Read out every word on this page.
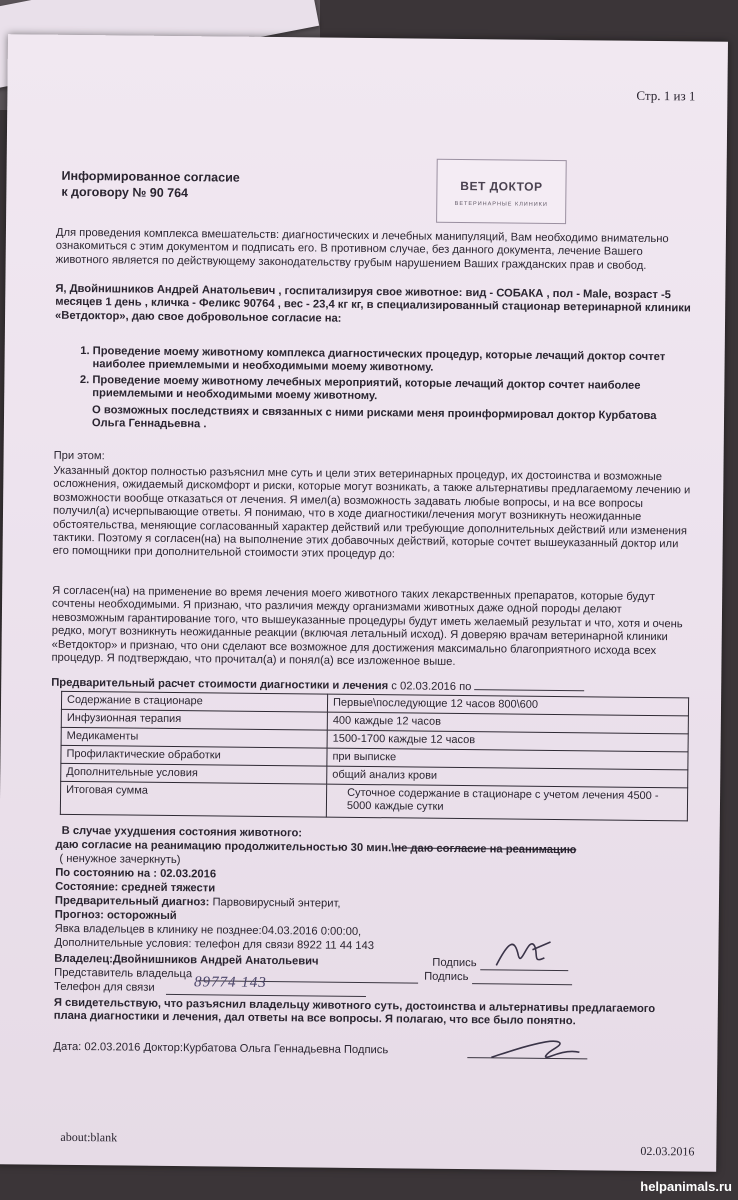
Стр. 1 из 1
Информированное согласие
к договору № 90 764	ВЕТ ДОКТОР
ВЕТЕРИНАРНЫЕ КЛИНИКИ
Для проведения комплекса вмешательств: диагностических и лечебных манипуляций, Вам необходимо внимательно ознакомиться с этим документом и подписать его. В противном случае, без данного документа, лечение Вашего животного является по действующему законодательству грубым нарушением Ваших гражданских прав и свобод.
Я, Двойнишников Андрей Анатольевич , госпитализируя свое животное: вид - СОБАКА , пол - Male, возраст -5 месяцев 1 день , кличка - Феликс 90764 , вес - 23,4 кг кг, в специализированный стационар ветеринарной клиники «Ветдоктор», даю свое добровольное согласие на:
1. Проведение моему животному комплекса диагностических процедур, которые лечащий доктор сочтет наиболее приемлемыми и необходимыми моему животному.
2. Проведение моему животному лечебных мероприятий, которые лечащий доктор сочтет наиболее приемлемыми и необходимыми моему животному.
О возможных последствиях и связанных с ними рисками меня проинформировал доктор Курбатова Ольга Геннадьевна .
При этом:
Указанный доктор полностью разъяснил мне суть и цели этих ветеринарных процедур, их достоинства и возможные осложнения, ожидаемый дискомфорт и риски, которые могут возникать, а также альтернативы предлагаемому лечению и возможности вообще отказаться от лечения. Я имел(а) возможность задавать любые вопросы, и на все вопросы получил(а) исчерпывающие ответы. Я понимаю, что в ходе диагностики/лечения могут возникнуть неожиданные обстоятельства, меняющие согласованный характер действий или требующие дополнительных действий или изменения тактики. Поэтому я согласен(на) на выполнение этих добавочных действий, которые сочтет вышеуказанный доктор или его помощники при дополнительной стоимости этих процедур до:
Я согласен(на) на применение во время лечения моего животного таких лекарственных препаратов, которые будут сочтены необходимыми. Я признаю, что различия между организмами животных даже одной породы делают невозможным гарантирование того, что вышеуказанные процедуры будут иметь желаемый результат и что, хотя и очень редко, могут возникнуть неожиданные реакции (включая летальный исход). Я доверяю врачам ветеринарной клиники «Ветдоктор» и признаю, что они сделают все возможное для достижения максимально благоприятного исхода всех процедур. Я подтверждаю, что прочитал(а) и понял(а) все изложенное выше.
Предварительный расчет стоимости диагностики и лечения с 02.03.2016 по
Содержание в стационаре	Первые\последующие 12 часов 800\600
Инфузионная терапия	400 каждые 12 часов
Медикаменты	1500-1700 каждые 12 часов
Профилактические обработки	при выписке
Дополнительные условия	общий анализ крови
Итоговая сумма	Суточное содержание в стационаре с учетом лечения 4500 - 5000 каждые сутки
В случае ухудшения состояния животного:
даю согласие на реанимацию продолжительностью 30 мин.\не даю согласие на реанимацию
( ненужное зачеркнуть)
По состоянию на : 02.03.2016
Состояние: средней тяжести
Предварительный диагноз: Парвовирусный энтерит,
Прогноз: осторожный
Явка владельцев в клинику не позднее:04.03.2016 0:00:00,
Дополнительные условия: телефон для связи 8922 11 44 143
Владелец:Двойнишников Андрей Анатольевич	Подпись
Представитель владельца	Подпись
Телефон для связи	89774 143
Я свидетельствую, что разъяснил владельцу животного суть, достоинства и альтернативы предлагаемого плана диагностики и лечения, дал ответы на все вопросы. Я полагаю, что все было понятно.
Дата: 02.03.2016 Доктор:Курбатова Ольга Геннадьевна Подпись
about:blank
02.03.2016
helpanimals.ru
